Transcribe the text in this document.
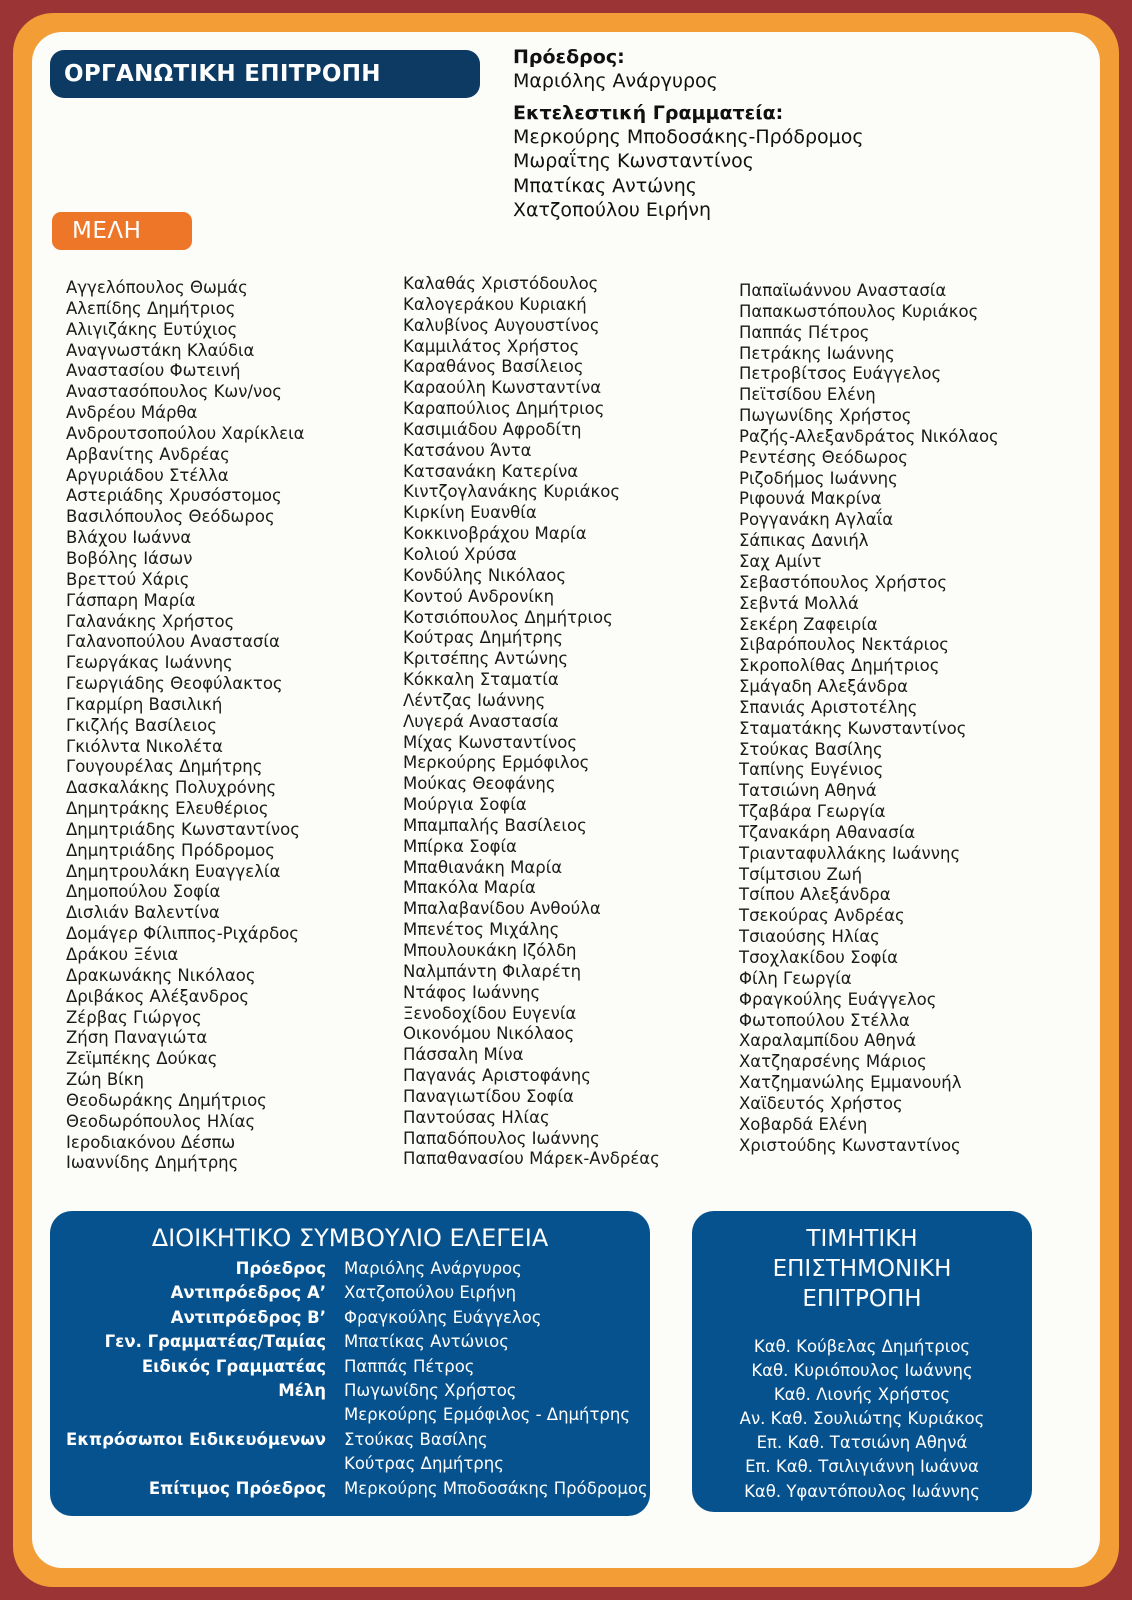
ΟΡΓΑΝΩΤΙΚΗ ΕΠΙΤΡΟΠΗ
Πρόεδρος:
Μαριόλης Ανάργυρος
Εκτελεστική Γραμματεία:
Μερκούρης Μποδοσάκης-Πρόδρομος
Μωραΐτης Κωνσταντίνος
Μπατίκας Αντώνης
Χατζοπούλου Ειρήνη
ΜΕΛΗ
Αγγελόπουλος Θωμάς
Αλεπίδης Δημήτριος
Αλιγιζάκης Ευτύχιος
Αναγνωστάκη Κλαύδια
Αναστασίου Φωτεινή
Αναστασόπουλος Κων/νος
Ανδρέου Μάρθα
Ανδρουτσοπούλου Χαρίκλεια
Αρβανίτης Ανδρέας
Αργυριάδου Στέλλα
Αστεριάδης Χρυσόστομος
Βασιλόπουλος Θεόδωρος
Βλάχου Ιωάννα
Βοβόλης Ιάσων
Βρεττού Χάρις
Γάσπαρη Μαρία
Γαλανάκης Χρήστος
Γαλανοπούλου Αναστασία
Γεωργάκας Ιωάννης
Γεωργιάδης Θεοφύλακτος
Γκαρμίρη Βασιλική
Γκιζλής Βασίλειος
Γκιόλντα Νικολέτα
Γουγουρέλας Δημήτρης
Δασκαλάκης Πολυχρόνης
Δημητράκης Ελευθέριος
Δημητριάδης Κωνσταντίνος
Δημητριάδης Πρόδρομος
Δημητρουλάκη Ευαγγελία
Δημοπούλου Σοφία
Δισλιάν Βαλεντίνα
Δομάγερ Φίλιππος-Ριχάρδος
Δράκου Ξένια
Δρακωνάκης Νικόλαος
Δριβάκος Αλέξανδρος
Ζέρβας Γιώργος
Ζήση Παναγιώτα
Ζεϊμπέκης Δούκας
Ζώη Βίκη
Θεοδωράκης Δημήτριος
Θεοδωρόπουλος Ηλίας
Ιεροδιακόνου Δέσπω
Ιωαννίδης Δημήτρης
Καλαθάς Χριστόδουλος
Καλογεράκου Κυριακή
Καλυβίνος Αυγουστίνος
Καμμιλάτος Χρήστος
Καραθάνος Βασίλειος
Καραούλη Κωνσταντίνα
Καραπούλιος Δημήτριος
Κασιμιάδου Αφροδίτη
Κατσάνου Άντα
Κατσανάκη Κατερίνα
Κιντζογλανάκης Κυριάκος
Κιρκίνη Ευανθία
Κοκκινοβράχου Μαρία
Κολιού Χρύσα
Κονδύλης Νικόλαος
Κοντού Ανδρονίκη
Κοτσιόπουλος Δημήτριος
Κούτρας Δημήτρης
Κριτσέπης Αντώνης
Κόκκαλη Σταματία
Λέντζας Ιωάννης
Λυγερά Αναστασία
Μίχας Κωνσταντίνος
Μερκούρης Ερμόφιλος
Μούκας Θεοφάνης
Μούργια Σοφία
Μπαμπαλής Βασίλειος
Μπίρκα Σοφία
Μπαθιανάκη Μαρία
Μπακόλα Μαρία
Μπαλαβανίδου Ανθούλα
Μπενέτος Μιχάλης
Μπουλουκάκη Ιζόλδη
Ναλμπάντη Φιλαρέτη
Ντάφος Ιωάννης
Ξενοδοχίδου Ευγενία
Οικονόμου Νικόλαος
Πάσσαλη Μίνα
Παγανάς Αριστοφάνης
Παναγιωτίδου Σοφία
Παντούσας Ηλίας
Παπαδόπουλος Ιωάννης
Παπαθανασίου Μάρεκ-Ανδρέας
Παπαϊωάννου Αναστασία
Παπακωστόπουλος Κυριάκος
Παππάς Πέτρος
Πετράκης Ιωάννης
Πετροβίτσος Ευάγγελος
Πεϊτσίδου Ελένη
Πωγωνίδης Χρήστος
Ραζής-Αλεξανδράτος Νικόλαος
Ρεντέσης Θεόδωρος
Ριζοδήμος Ιωάννης
Ριφουνά Μακρίνα
Ρογγανάκη Αγλαΐα
Σάπικας Δανιήλ
Σαχ Αμίντ
Σεβαστόπουλος Χρήστος
Σεβντά Μολλά
Σεκέρη Ζαφειρία
Σιβαρόπουλος Νεκτάριος
Σκροπολίθας Δημήτριος
Σμάγαδη Αλεξάνδρα
Σπανιάς Αριστοτέλης
Σταματάκης Κωνσταντίνος
Στούκας Βασίλης
Ταπίνης Ευγένιος
Τατσιώνη Αθηνά
Τζαβάρα Γεωργία
Τζανακάρη Αθανασία
Τριανταφυλλάκης Ιωάννης
Τσίμτσιου Ζωή
Τσίπου Αλεξάνδρα
Τσεκούρας Ανδρέας
Τσιαούσης Ηλίας
Τσοχλακίδου Σοφία
Φίλη Γεωργία
Φραγκούλης Ευάγγελος
Φωτοπούλου Στέλλα
Χαραλαμπίδου Αθηνά
Χατζηαρσένης Μάριος
Χατζημανώλης Εμμανουήλ
Χαϊδευτός Χρήστος
Χοβαρδά Ελένη
Χριστούδης Κωνσταντίνος
ΔΙΟΙΚΗΤΙΚΟ ΣΥΜΒΟΥΛΙΟ ΕΛΕΓΕΙΑ
Πρόεδρος Μαριόλης Ανάργυρος
Αντιπρόεδρος Α’ Χατζοπούλου Ειρήνη
Αντιπρόεδρος Β’ Φραγκούλης Ευάγγελος
Γεν. Γραμματέας/Ταμίας Μπατίκας Αντώνιος
Ειδικός Γραμματέας Παππάς Πέτρος
Μέλη Πωγωνίδης Χρήστος
Μερκούρης Ερμόφιλος - Δημήτρης
Εκπρόσωποι Ειδικευόμενων Στούκας Βασίλης
Κούτρας Δημήτρης
Επίτιμος Πρόεδρος Μερκούρης Μποδοσάκης Πρόδρομος
ΤΙΜΗΤΙΚΗ
ΕΠΙΣΤΗΜΟΝΙΚΗ
ΕΠΙΤΡΟΠΗ
Καθ. Κούβελας Δημήτριος
Καθ. Κυριόπουλος Ιωάννης
Καθ. Λιονής Χρήστος
Αν. Καθ. Σουλιώτης Κυριάκος
Επ. Καθ. Τατσιώνη Αθηνά
Επ. Καθ. Τσιλιγιάννη Ιωάννα
Καθ. Υφαντόπουλος Ιωάννης
